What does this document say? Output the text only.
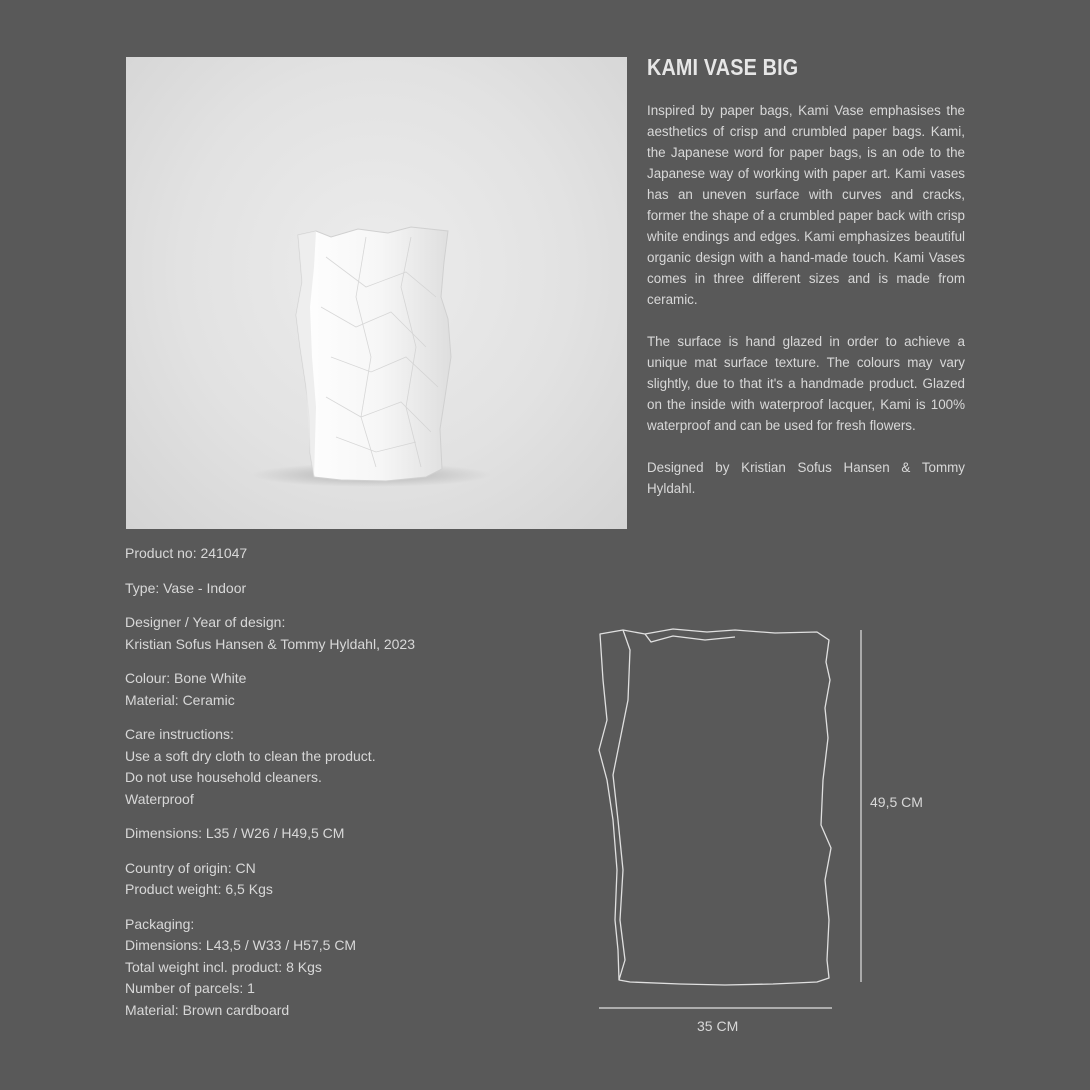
KAMI VASE BIG

Inspired by paper bags, Kami Vase emphasises the aesthetics of crisp and crumbled paper bags. Kami, the Japanese word for paper bags, is an ode to the Japanese way of working with paper art. Kami vases has an uneven surface with curves and cracks, former the shape of a crumbled paper back with crisp white endings and edges. Kami emphasizes beautiful organic design with a hand-made touch. Kami Vases comes in three different sizes and is made from ceramic.

The surface is hand glazed in order to achieve a unique mat surface texture. The colours may vary slightly, due to that it's a handmade product. Glazed on the inside with waterproof lacquer, Kami is 100% waterproof and can be used for fresh flowers.

Designed by Kristian Sofus Hansen & Tommy Hyldahl.

Product no: 241047
Type: Vase - Indoor
Designer / Year of design:
Kristian Sofus Hansen & Tommy Hyldahl, 2023
Colour: Bone White
Material: Ceramic
Care instructions:
Use a soft dry cloth to clean the product.
Do not use household cleaners.
Waterproof
Dimensions: L35 / W26 / H49,5 CM
Country of origin: CN
Product weight: 6,5 Kgs
Packaging:
Dimensions: L43,5 / W33 / H57,5 CM
Total weight incl. product: 8 Kgs
Number of parcels: 1
Material: Brown cardboard
49,5 CM
35 CM
